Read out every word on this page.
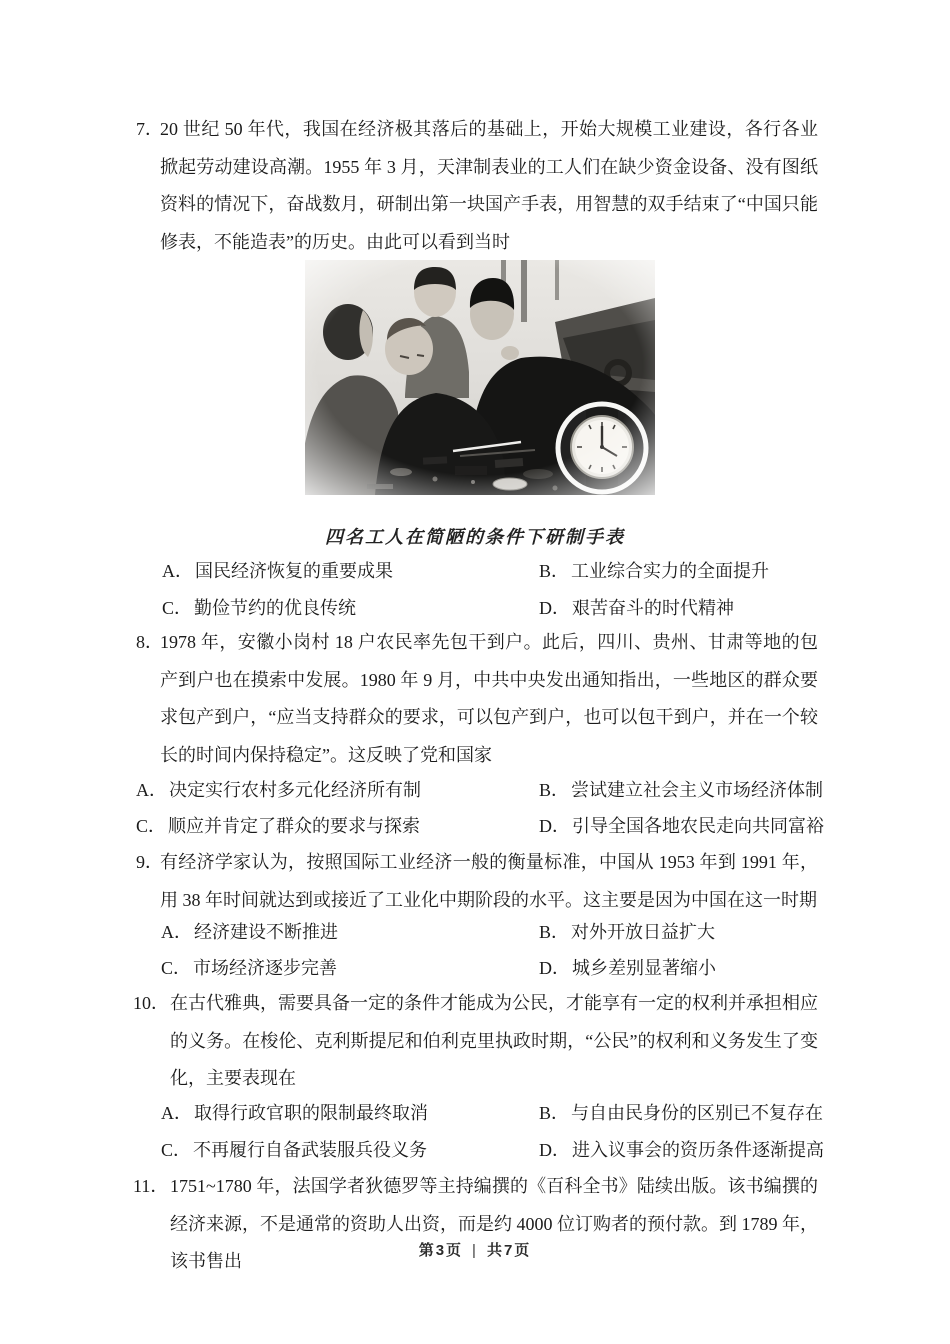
7．
20 世纪 50 年代，我国在经济极其落后的基础上，开始大规模工业建设，各行各业掀起劳动建设高潮。1955 年 3 月，天津制表业的工人们在缺少资金设备、没有图纸资料的情况下，奋战数月，研制出第一块国产手表，用智慧的双手结束了“中国只能修表，不能造表”的历史。由此可以看到当时
四名工人在简陋的条件下研制手表
A． 国民经济恢复的重要成果	B． 工业综合实力的全面提升
C． 勤俭节约的优良传统	D． 艰苦奋斗的时代精神
8．
1978 年，安徽小岗村 18 户农民率先包干到户。此后，四川、贵州、甘肃等地的包产到户也在摸索中发展。1980 年 9 月，中共中央发出通知指出，一些地区的群众要求包产到户，“应当支持群众的要求，可以包产到户，也可以包干到户，并在一个较长的时间内保持稳定”。这反映了党和国家
A． 决定实行农村多元化经济所有制	B． 尝试建立社会主义市场经济体制
C． 顺应并肯定了群众的要求与探索	D． 引导全国各地农民走向共同富裕
9．
有经济学家认为，按照国际工业经济一般的衡量标准，中国从 1953 年到 1991 年，用 38 年时间就达到或接近了工业化中期阶段的水平。这主要是因为中国在这一时期
A． 经济建设不断推进	B． 对外开放日益扩大
C． 市场经济逐步完善	D． 城乡差别显著缩小
10． 在古代雅典，需要具备一定的条件才能成为公民，才能享有一定的权利并承担相应的义务。在梭伦、克利斯提尼和伯利克里执政时期，“公民”的权利和义务发生了变化，主要表现在
A． 取得行政官职的限制最终取消	B． 与自由民身份的区别已不复存在
C． 不再履行自备武装服兵役义务	D． 进入议事会的资历条件逐渐提高
11． 1751~1780 年，法国学者狄德罗等主持编撰的《百科全书》陆续出版。该书编撰的经济来源，不是通常的资助人出资，而是约 4000 位订购者的预付款。到 1789 年，该书售出
第3页 | 共7页
